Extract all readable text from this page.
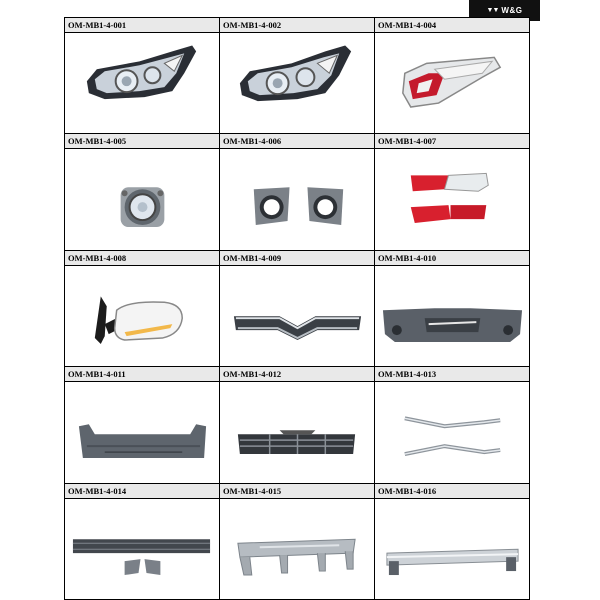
▼▼ W&G
OM-MB1-4-001	OM-MB1-4-002	OM-MB1-4-004
OM-MB1-4-005	OM-MB1-4-006	OM-MB1-4-007
OM-MB1-4-008	OM-MB1-4-009	OM-MB1-4-010
OM-MB1-4-011	OM-MB1-4-012	OM-MB1-4-013
OM-MB1-4-014	OM-MB1-4-015	OM-MB1-4-016
